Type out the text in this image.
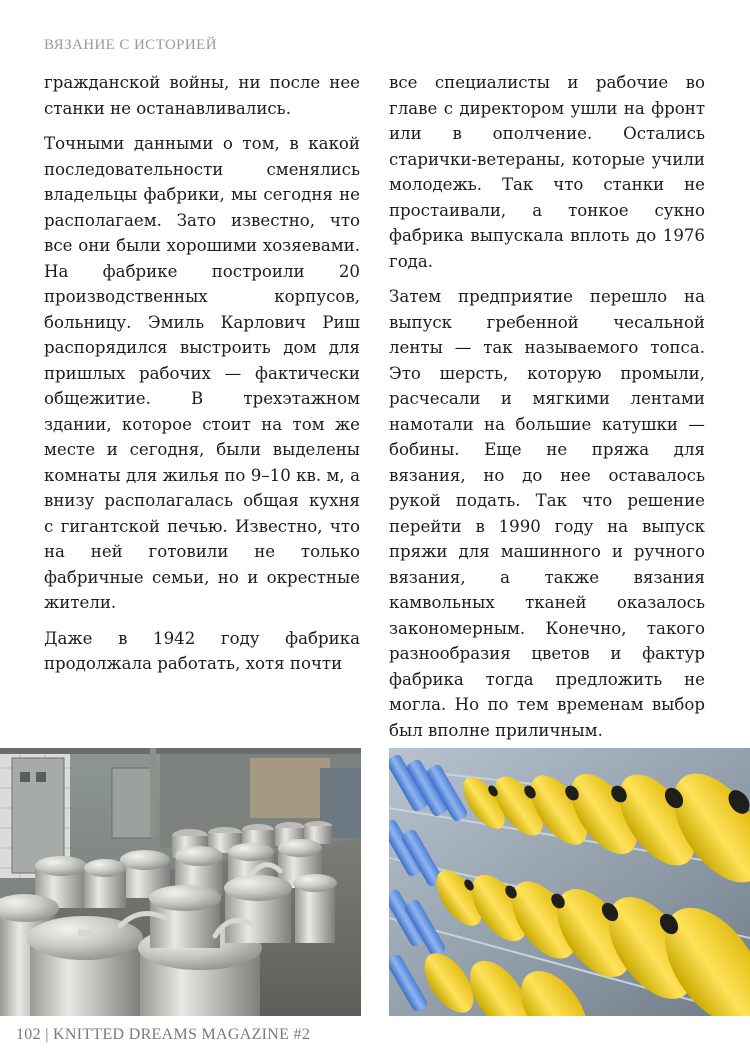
ВЯЗАНИЕ С ИСТОРИЕЙ

гражданской войны, ни после нее станки не останавливались.

Точными данными о том, в какой последовательности сменялись владельцы фабрики, мы сегодня не располагаем. Зато известно, что все они были хорошими хозяевами. На фабрике построили 20 производственных корпусов, больницу. Эмиль Карлович Риш распорядился выстроить дом для пришлых рабочих — фактически общежитие. В трехэтажном здании, которое стоит на том же месте и сегодня, были выделены комнаты для жилья по 9–10 кв. м, а внизу располагалась общая кухня с гигантской печью. Известно, что на ней готовили не только фабричные семьи, но и окрестные жители.

Даже в 1942 году фабрика продолжала работать, хотя почти

все специалисты и рабочие во главе с директором ушли на фронт или в ополчение. Остались старички-ветераны, которые учили молодежь. Так что станки не простаивали, а тонкое сукно фабрика выпускала вплоть до 1976 года.

Затем предприятие перешло на выпуск гребенной чесальной ленты — так называемого топса. Это шерсть, которую промыли, расчесали и мягкими лентами намотали на большие катушки — бобины. Еще не пряжа для вязания, но до нее оставалось рукой подать. Так что решение перейти в 1990 году на выпуск пряжи для машинного и ручного вязания, а также вязания камвольных тканей оказалось закономерным. Конечно, такого разнообразия цветов и фактур фабрика тогда предложить не могла. Но по тем временам выбор был вполне приличным.

102 | KNITTED DREAMS MAGAZINE #2
